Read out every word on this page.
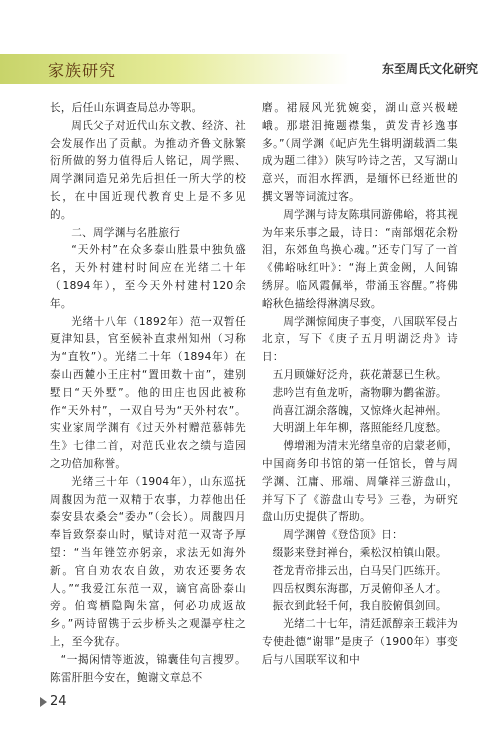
家族研究	东至周氏文化研究

长，后任山东调查局总办等职。

周氏父子对近代山东文教、经济、社会发展作出了贡献。为推动齐鲁文脉繁衍所做的努力值得后人铭记，周学熙、周学渊同造兄弟先后担任一所大学的校长，在中国近现代教育史上是不多见的。

二、周学渊与名胜旅行

“天外村”在众多泰山胜景中独负盛名，天外村建村时间应在光绪二十年（1894年），至今天外村建村120余年。

光绪十八年（1892年）范一双暂任夏津知县，官至候补直隶州知州（习称为“直牧”）。光绪二十年（1894年）在泰山西麓小王庄村“置田数十亩”，建别墅日“天外墅”。他的田庄也因此被称作“天外村”，一双自号为“天外村农”。实业家周学渊有《过天外村赠范慕韩先生》七律二首，对范氏业农之绩与造园之功倍加称誉。

光绪三十年（1904年），山东巡抚周馥因为范一双精于农事，力荐他出任泰安县农桑会“委办”（会长）。周馥四月奉旨致祭泰山时，赋诗对范一双寄予厚望：“当年锉笠亦躬亲，求法无如海外新。官自劝农农自敛，劝农还要务农人。”“我爱江东范一双，谪官高卧泰山旁。伯鸾栖隐陶朱富，何必功成返故乡。”两诗留镌于云步桥头之观瀑亭柱之上，至今犹存。

“一揭闲情等逝波，锦囊佳句言搜罗。陈雷肝胆今安在，鲍谢文章总不

磨。裙屐风光犹婉娈，湖山意兴极嵯峨。那堪泪掩题襟集，黄发青衫逸事多。”（周学渊《屺庐先生辑明湖载酒二集成为题二律》）陕写吟诗之苦，又写湖山意兴，而泪水挥洒，是缅怀已经逝世的撰文署等词流过客。

周学渊与诗友陈琪同游佛峪，将其视为年来乐事之最，诗日：“南部烟花余粉泪，东郊鱼鸟换心魂。”还专门写了一首《佛峪咏红叶》：“海上黄金阙，人间锦绣屏。临风霞佩举，带涌玉容醒。”将佛峪秋色描绘得淋漓尽致。

周学渊惊闻庚子事变，八国联军侵占北京，写下《庚子五月明湖泛舟》诗日：

五月顾嫌好泛舟，荻花萧瑟已生秋。

悲吟岂有鱼龙听，斋物聊为鹳雀游。

尚喜江湖余落魄，又惊烽火起神州。

大明湖上年年柳，落照能经几度愁。

傅增湘为清末光绪皇帝的启蒙老师，中国商务印书馆的第一任馆长，曾与周学渊、江庸、邢端、周肇祥三游盘山，并写下了《游盘山专号》三卷，为研究盘山历史提供了帮助。

周学渊曾《登岱顶》日：

缀影来登封禅台，乘松汉柏镇山限。

苍龙青帝排云出，白马吴门匹练开。

四岳权舆东海郡，万灵俯仰圣人才。

振衣到此轻千何，我自胶俯俱剑回。

光绪二十七年，清廷派醇亲王载沣为专使赴德“谢罪”是庚子（1900年）事变后与八国联军议和中

24
